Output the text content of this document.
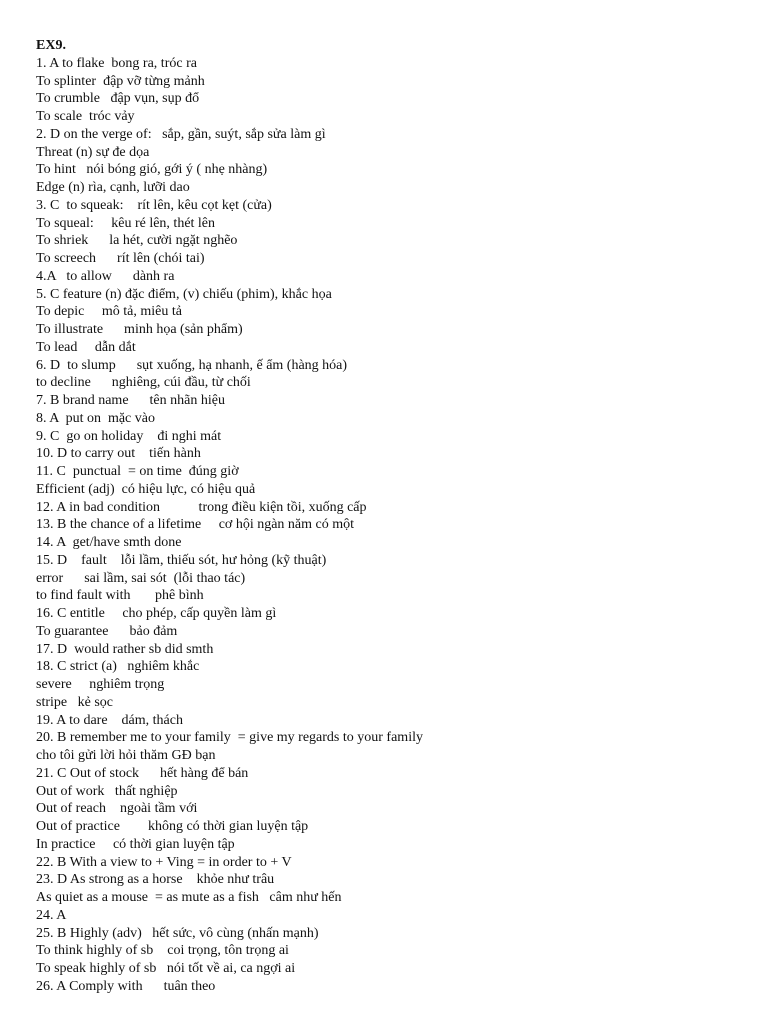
EX9.
1. A to flake  bong ra, tróc ra
To splinter  đập vỡ từng mảnh
To crumble   đập vụn, sụp đổ
To scale  tróc vảy
2. D on the verge of:   sắp, gần, suýt, sắp sửa làm gì
Threat (n) sự đe dọa
To hint   nói bóng gió, gới ý ( nhẹ nhàng)
Edge (n) rìa, cạnh, lưỡi dao
3. C  to squeak:    rít lên, kêu cọt kẹt (cửa)
To squeal:     kêu ré lên, thét lên
To shriek      la hét, cười ngặt nghẽo
To screech      rít lên (chói tai)
4.A   to allow      dành ra
5. C feature (n) đặc điểm, (v) chiếu (phim), khắc họa
To depic     mô tả, miêu tả
To illustrate      minh họa (sản phẩm)
To lead     dẫn dắt
6. D  to slump      sụt xuống, hạ nhanh, ế ẩm (hàng hóa)
to decline      nghiêng, cúi đầu, từ chối
7. B brand name      tên nhãn hiệu
8. A  put on  mặc vào
9. C  go on holiday    đi nghi mát
10. D to carry out    tiến hành
11. C  punctual  = on time  đúng giờ
Efficient (adj)  có hiệu lực, có hiệu quả
12. A in bad condition           trong điều kiện tồi, xuống cấp
13. B the chance of a lifetime     cơ hội ngàn năm có một
14. A  get/have smth done
15. D    fault    lỗi lầm, thiếu sót, hư hỏng (kỹ thuật)
error      sai lầm, sai sót  (lỗi thao tác)
to find fault with       phê bình
16. C entitle     cho phép, cấp quyền làm gì
To guarantee      bảo đảm
17. D  would rather sb did smth
18. C strict (a)   nghiêm khắc
severe     nghiêm trọng
stripe   kẻ sọc
19. A to dare    dám, thách
20. B remember me to your family  = give my regards to your family
cho tôi gửi lời hỏi thăm GĐ bạn
21. C Out of stock      hết hàng để bán
Out of work   thất nghiệp
Out of reach    ngoài tầm với
Out of practice        không có thời gian luyện tập
In practice     có thời gian luyện tập
22. B With a view to + Ving = in order to + V
23. D As strong as a horse    khỏe như trâu
As quiet as a mouse  = as mute as a fish   câm như hến
24. A
25. B Highly (adv)   hết sức, vô cùng (nhấn mạnh)
To think highly of sb    coi trọng, tôn trọng ai
To speak highly of sb   nói tốt về ai, ca ngợi ai
26. A Comply with      tuân theo
